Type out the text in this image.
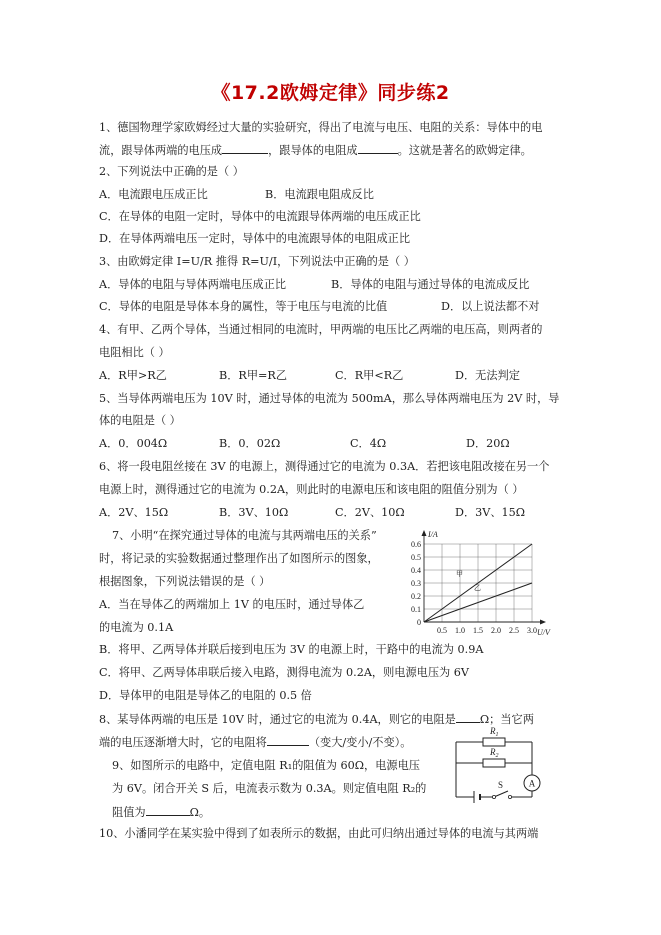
《17.2欧姆定律》同步练2
1、德国物理学家欧姆经过大量的实验研究，得出了电流与电压、电阻的关系：导体中的电
流，跟导体两端的电压成	，跟导体的电阻成	。这就是著名的欧姆定律。
2、下列说法中正确的是（ ）
A．电流跟电压成正比	B．电流跟电阻成反比
C．在导体的电阻一定时，导体中的电流跟导体两端的电压成正比
D．在导体两端电压一定时，导体中的电流跟导体的电阻成正比
3、由欧姆定律 I=U/R 推得 R=U/I，下列说法中正确的是（ ）
A．导体的电阻与导体两端电压成正比	B．导体的电阻与通过导体的电流成反比
C．导体的电阻是导体本身的属性，等于电压与电流的比值	D．以上说法都不对
4、有甲、乙两个导体，当通过相同的电流时，甲两端的电压比乙两端的电压高，则两者的
电阻相比（ ）
A．R甲>R乙	B．R甲=R乙	C．R甲<R乙	D．无法判定
5、当导体两端电压为 10V 时，通过导体的电流为 500mA，那么导体两端电压为 2V 时，导
体的电阻是（ ）
A．0．004Ω	B．0．02Ω	C．4Ω	D．20Ω
6、将一段电阻丝接在 3V 的电源上，测得通过它的电流为 0.3A．若把该电阻改接在另一个
电源上时，测得通过它的电流为 0.2A，则此时的电源电压和该电阻的阻值分别为（ ）
A．2V、15Ω	B．3V、10Ω	C．2V、10Ω	D．3V、15Ω
7、小明“在探究通过导体的电流与其两端电压的关系”
时，将记录的实验数据通过整理作出了如图所示的图象，
根据图象，下列说法错误的是（ ）
A．当在导体乙的两端加上 1V 的电压时，通过导体乙
的电流为 0.1A
B．将甲、乙两导体并联后接到电压为 3V 的电源上时，干路中的电流为 0.9A
C．将甲、乙两导体串联后接入电路，测得电流为 0.2A，则电源电压为 6V
D．导体甲的电阻是导体乙的电阻的 0.5 倍
I/A
U/V
0.6
0.5
0.4
0.3
0.2
0.1
0
0.5 1.0 1.5 2.0 2.5 3.0
甲
乙
8、某导体两端的电压是 10V 时，通过它的电流为 0.4A，则它的电阻是 Ω；当它两
端的电压逐渐增大时，它的电阻将	（变大/变小/不变）。
9、如图所示的电路中，定值电阻 R₁的阻值为 60Ω，电源电压
为 6V。闭合开关 S 后，电流表示数为 0.3A。则定值电阻 R₂的
阻值为	Ω。
$R_1$
$R_2$
S	A
10、小潘同学在某实验中得到了如表所示的数据，由此可归纳出通过导体的电流与其两端
